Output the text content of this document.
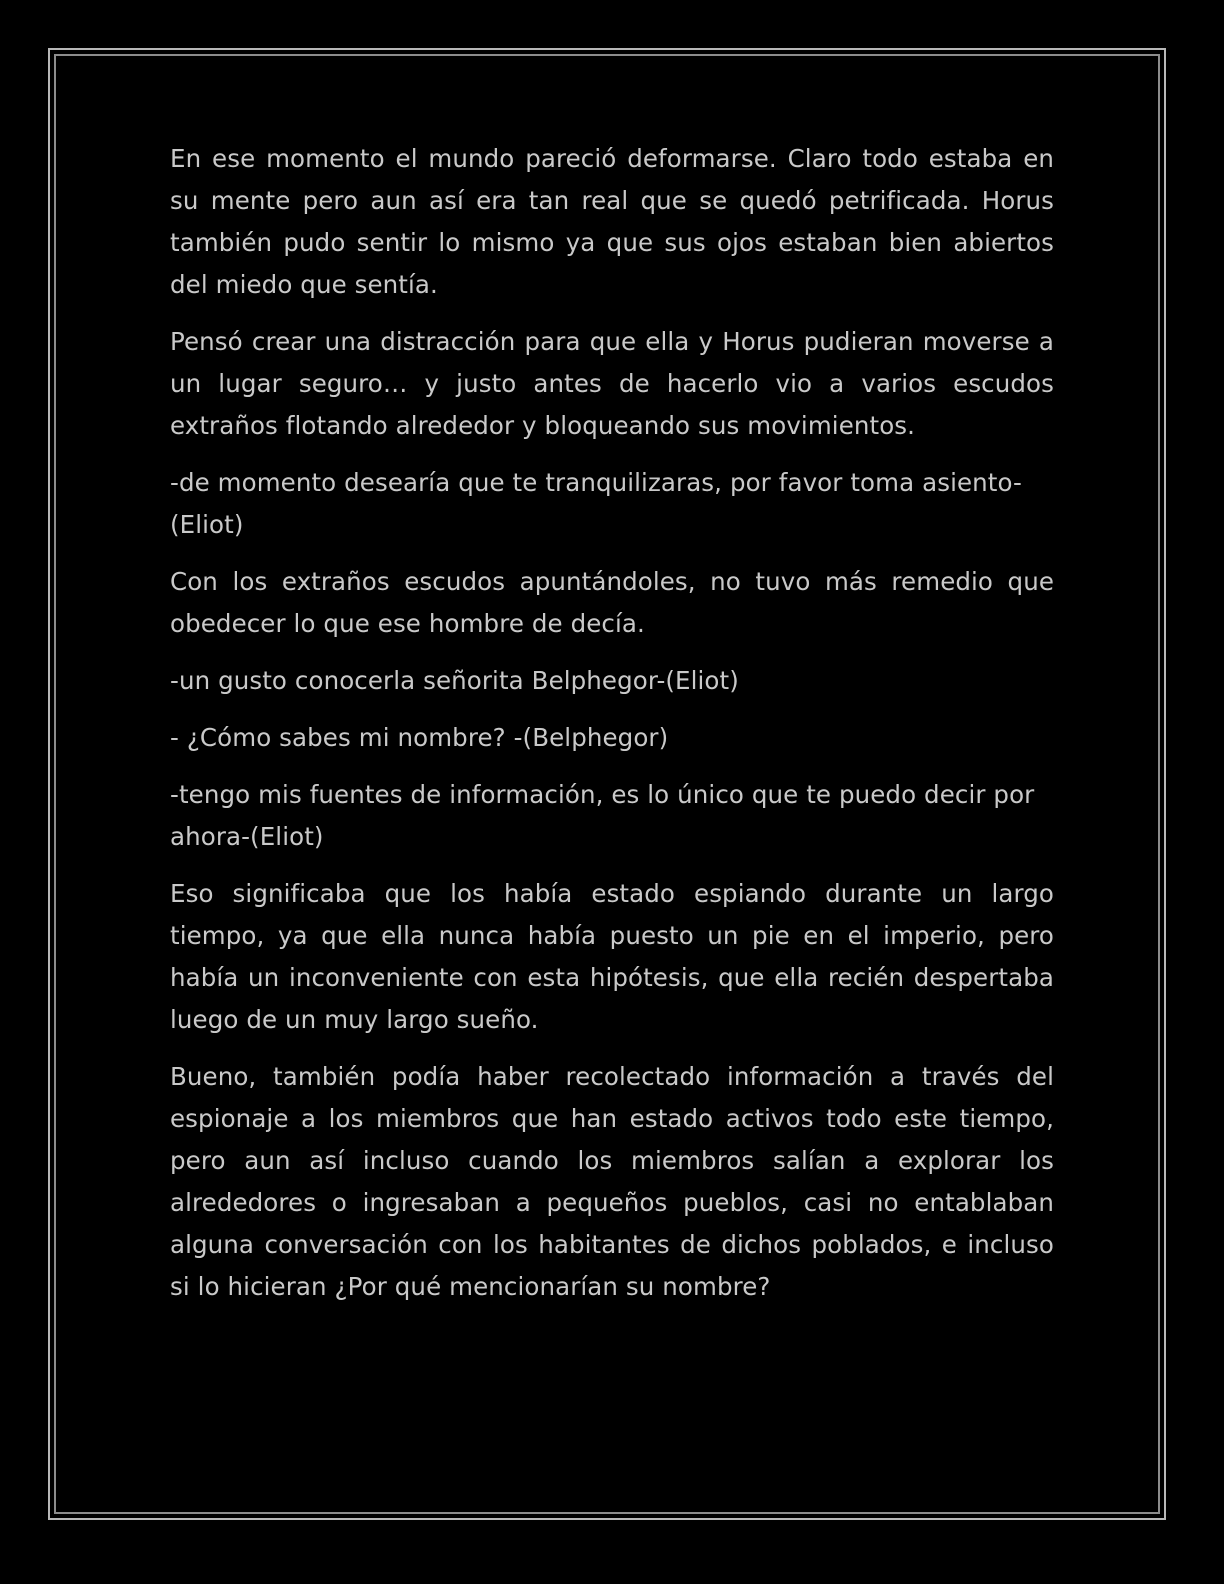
En ese momento el mundo pareció deformarse. Claro todo estaba en su mente pero aun así era tan real que se quedó petrificada. Horus también pudo sentir lo mismo ya que sus ojos estaban bien abiertos del miedo que sentía.

Pensó crear una distracción para que ella y Horus pudieran moverse a un lugar seguro… y justo antes de hacerlo vio a varios escudos extraños flotando alrededor y bloqueando sus movimientos.

-de momento desearía que te tranquilizaras, por favor toma asiento-(Eliot)

Con los extraños escudos apuntándoles, no tuvo más remedio que obedecer lo que ese hombre de decía.

-un gusto conocerla señorita Belphegor-(Eliot)

- ¿Cómo sabes mi nombre? -(Belphegor)

-tengo mis fuentes de información, es lo único que te puedo decir por ahora-(Eliot)

Eso significaba que los había estado espiando durante un largo tiempo, ya que ella nunca había puesto un pie en el imperio, pero había un inconveniente con esta hipótesis, que ella recién despertaba luego de un muy largo sueño.

Bueno, también podía haber recolectado información a través del espionaje a los miembros que han estado activos todo este tiempo, pero aun así incluso cuando los miembros salían a explorar los alrededores o ingresaban a pequeños pueblos, casi no entablaban alguna conversación con los habitantes de dichos poblados, e incluso si lo hicieran ¿Por qué mencionarían su nombre?
